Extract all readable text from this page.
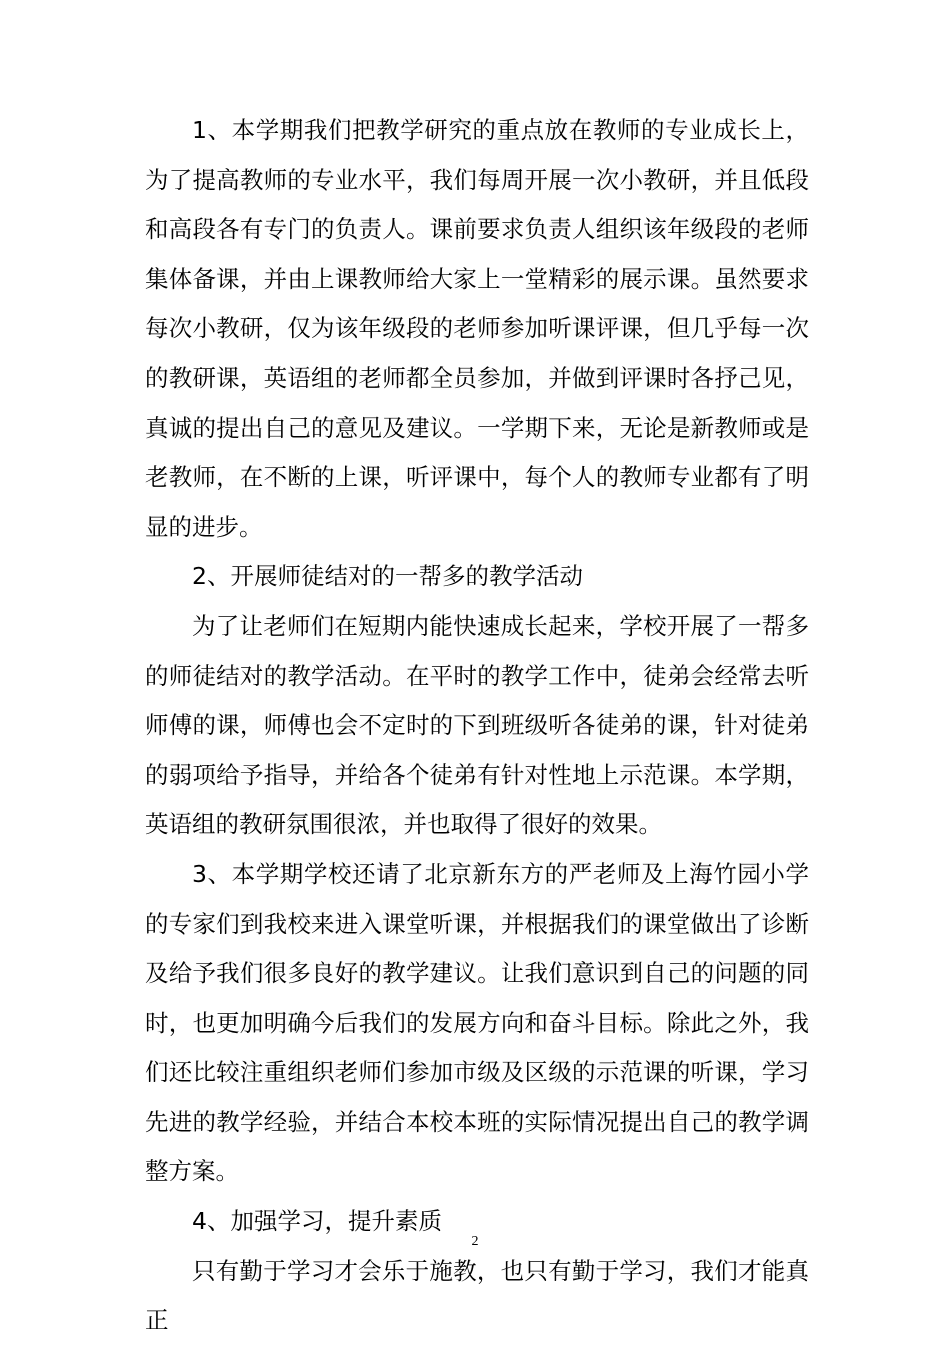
1、本学期我们把教学研究的重点放在教师的专业成长上，为了提高教师的专业水平，我们每周开展一次小教研，并且低段和高段各有专门的负责人。课前要求负责人组织该年级段的老师集体备课，并由上课教师给大家上一堂精彩的展示课。虽然要求每次小教研，仅为该年级段的老师参加听课评课，但几乎每一次的教研课，英语组的老师都全员参加，并做到评课时各抒己见，真诚的提出自己的意见及建议。一学期下来，无论是新教师或是老教师，在不断的上课，听评课中，每个人的教师专业都有了明显的进步。

2、开展师徒结对的一帮多的教学活动

为了让老师们在短期内能快速成长起来，学校开展了一帮多的师徒结对的教学活动。在平时的教学工作中，徒弟会经常去听师傅的课，师傅也会不定时的下到班级听各徒弟的课，针对徒弟的弱项给予指导，并给各个徒弟有针对性地上示范课。本学期，英语组的教研氛围很浓，并也取得了很好的效果。

3、本学期学校还请了北京新东方的严老师及上海竹园小学的专家们到我校来进入课堂听课，并根据我们的课堂做出了诊断及给予我们很多良好的教学建议。让我们意识到自己的问题的同时，也更加明确今后我们的发展方向和奋斗目标。除此之外，我们还比较注重组织老师们参加市级及区级的示范课的听课，学习先进的教学经验，并结合本校本班的实际情况提出自己的教学调整方案。

4、加强学习，提升素质

只有勤于学习才会乐于施教，也只有勤于学习，我们才能真正

2
